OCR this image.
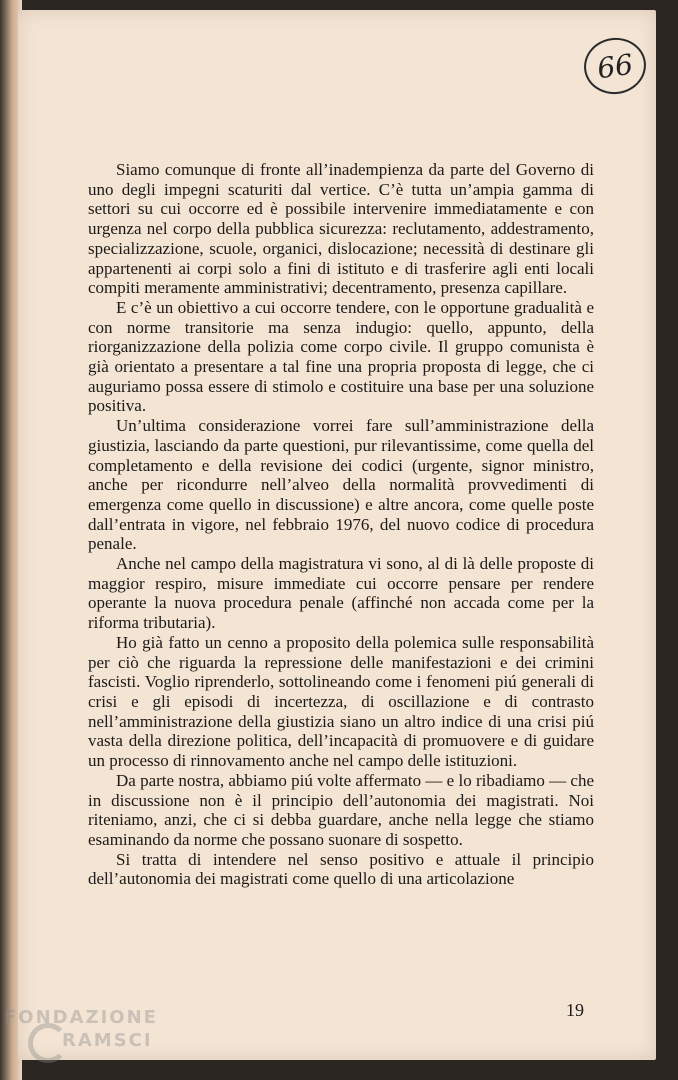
66

Siamo comunque di fronte all’inadempienza da parte del Governo di uno degli impegni scaturiti dal vertice. C’è tutta un’ampia gamma di settori su cui occorre ed è possibile intervenire immediatamente e con urgenza nel corpo della pubblica sicurezza: reclutamento, addestramento, specializzazione, scuole, organici, dislocazione; necessità di destinare gli appartenenti ai corpi solo a fini di istituto e di trasferire agli enti locali compiti meramente amministrativi; decentramento, presenza capillare.

E c’è un obiettivo a cui occorre tendere, con le opportune gradualità e con norme transitorie ma senza indugio: quello, appunto, della riorganizzazione della polizia come corpo civile. Il gruppo comunista è già orientato a presentare a tal fine una propria proposta di legge, che ci auguriamo possa essere di stimolo e costituire una base per una soluzione positiva.

Un’ultima considerazione vorrei fare sull’amministrazione della giustizia, lasciando da parte questioni, pur rilevantissime, come quella del completamento e della revisione dei codici (urgente, signor ministro, anche per ricondurre nell’alveo della normalità provvedimenti di emergenza come quello in discussione) e altre ancora, come quelle poste dall’entrata in vigore, nel febbraio 1976, del nuovo codice di procedura penale.

Anche nel campo della magistratura vi sono, al di là delle proposte di maggior respiro, misure immediate cui occorre pensare per rendere operante la nuova procedura penale (affinché non accada come per la riforma tributaria).

Ho già fatto un cenno a proposito della polemica sulle responsabilità per ciò che riguarda la repressione delle manifestazioni e dei crimini fascisti. Voglio riprenderlo, sottolineando come i fenomeni piú generali di crisi e gli episodi di incertezza, di oscillazione e di contrasto nell’amministrazione della giustizia siano un altro indice di una crisi piú vasta della direzione politica, dell’incapacità di promuovere e di guidare un processo di rinnovamento anche nel campo delle istituzioni.

Da parte nostra, abbiamo piú volte affermato — e lo ribadiamo — che in discussione non è il principio dell’autonomia dei magistrati. Noi riteniamo, anzi, che ci si debba guardare, anche nella legge che stiamo esaminando da norme che possano suonare di sospetto.

Si tratta di intendere nel senso positivo e attuale il principio dell’autonomia dei magistrati come quello di una articolazione

19
FONDAZIONE
RAMSCI
